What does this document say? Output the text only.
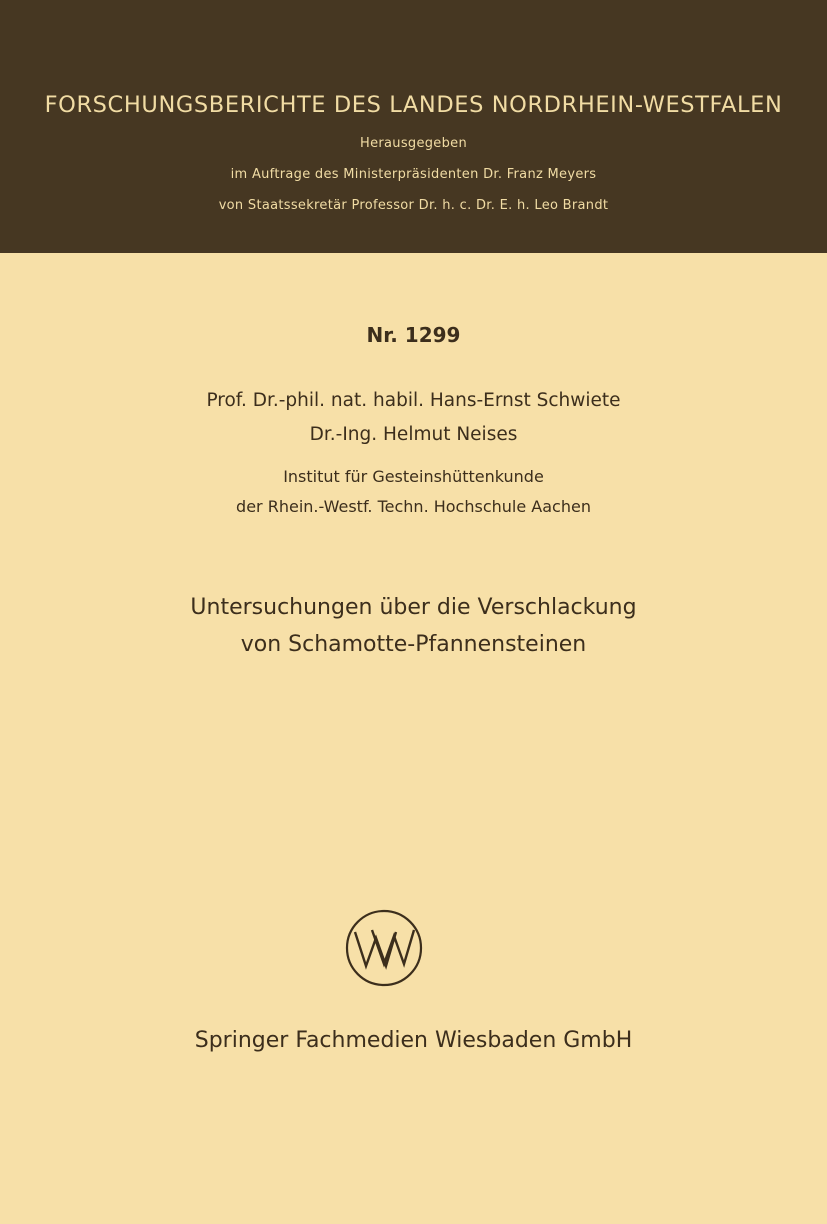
FORSCHUNGSBERICHTE DES LANDES NORDRHEIN-WESTFALEN
Herausgegeben
im Auftrage des Ministerpräsidenten Dr. Franz Meyers
von Staatssekretär Professor Dr. h. c. Dr. E. h. Leo Brandt
Nr. 1299
Prof. Dr.-phil. nat. habil. Hans-Ernst Schwiete
Dr.-Ing. Helmut Neises
Institut für Gesteinshüttenkunde
der Rhein.-Westf. Techn. Hochschule Aachen
Untersuchungen über die Verschlackung
von Schamotte-Pfannensteinen
Springer Fachmedien Wiesbaden GmbH
